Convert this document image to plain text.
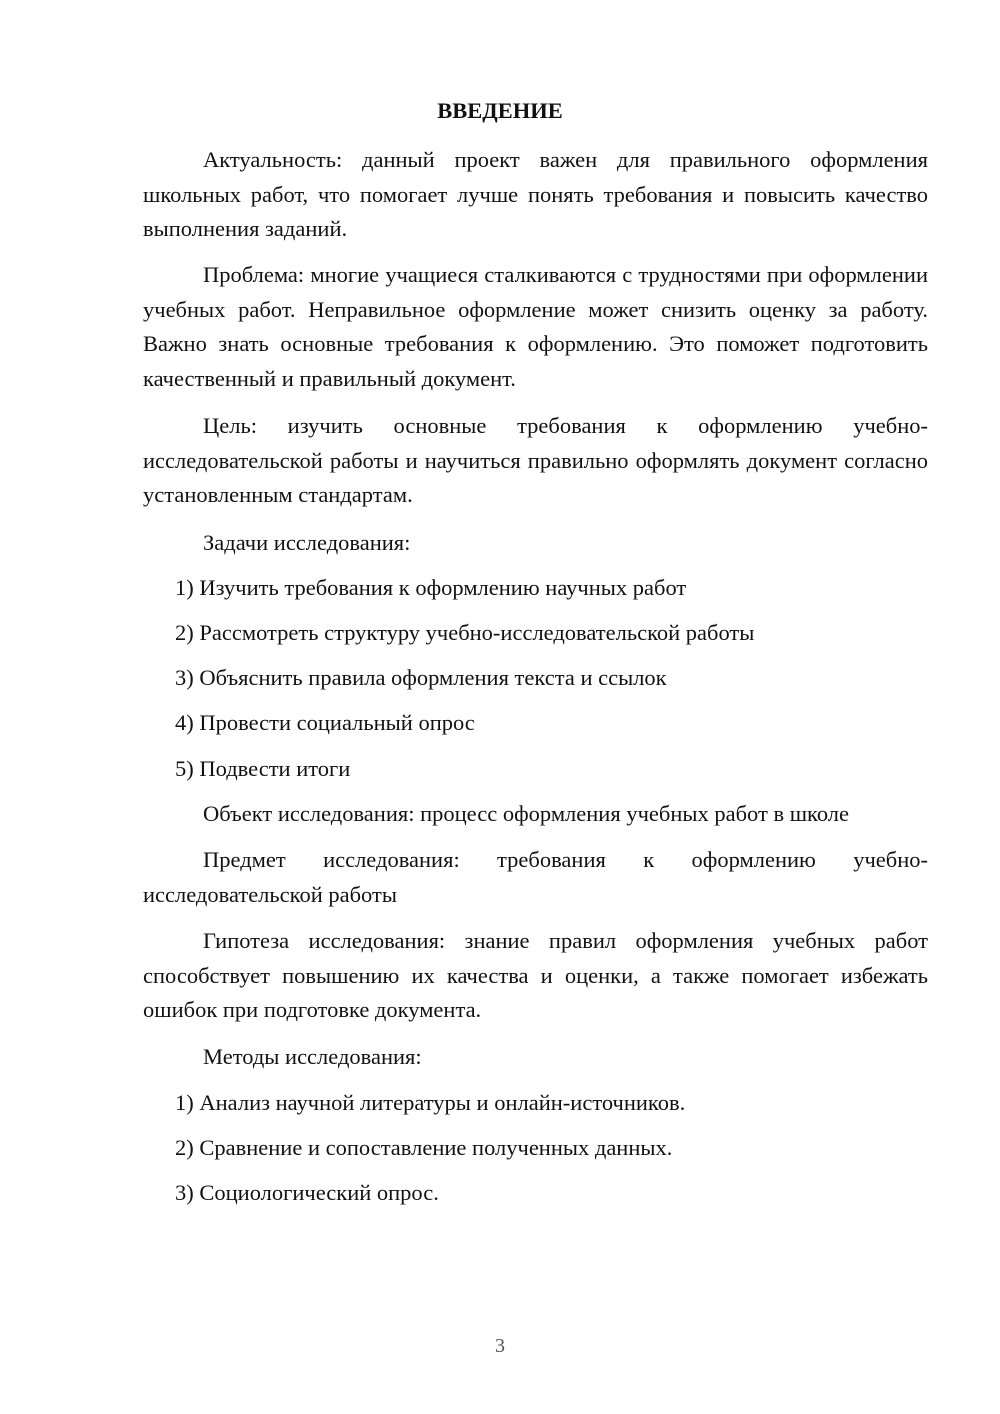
ВВЕДЕНИЕ

Актуальность: данный проект важен для правильного оформления школьных работ, что помогает лучше понять требования и повысить качество выполнения заданий.

Проблема: многие учащиеся сталкиваются с трудностями при оформлении учебных работ. Неправильное оформление может снизить оценку за работу. Важно знать основные требования к оформлению. Это поможет подготовить качественный и правильный документ.

Цель: изучить основные требования к оформлению учебно-исследовательской работы и научиться правильно оформлять документ согласно установленным стандартам.

Задачи исследования:

1) Изучить требования к оформлению научных работ

2) Рассмотреть структуру учебно-исследовательской работы

3) Объяснить правила оформления текста и ссылок

4) Провести социальный опрос

5) Подвести итоги

Объект исследования: процесс оформления учебных работ в школе

Предмет исследования: требования к оформлению учебно-исследовательской работы

Гипотеза исследования: знание правил оформления учебных работ способствует повышению их качества и оценки, а также помогает избежать ошибок при подготовке документа.

Методы исследования:

1) Анализ научной литературы и онлайн-источников.

2) Сравнение и сопоставление полученных данных.

3) Социологический опрос.

3
